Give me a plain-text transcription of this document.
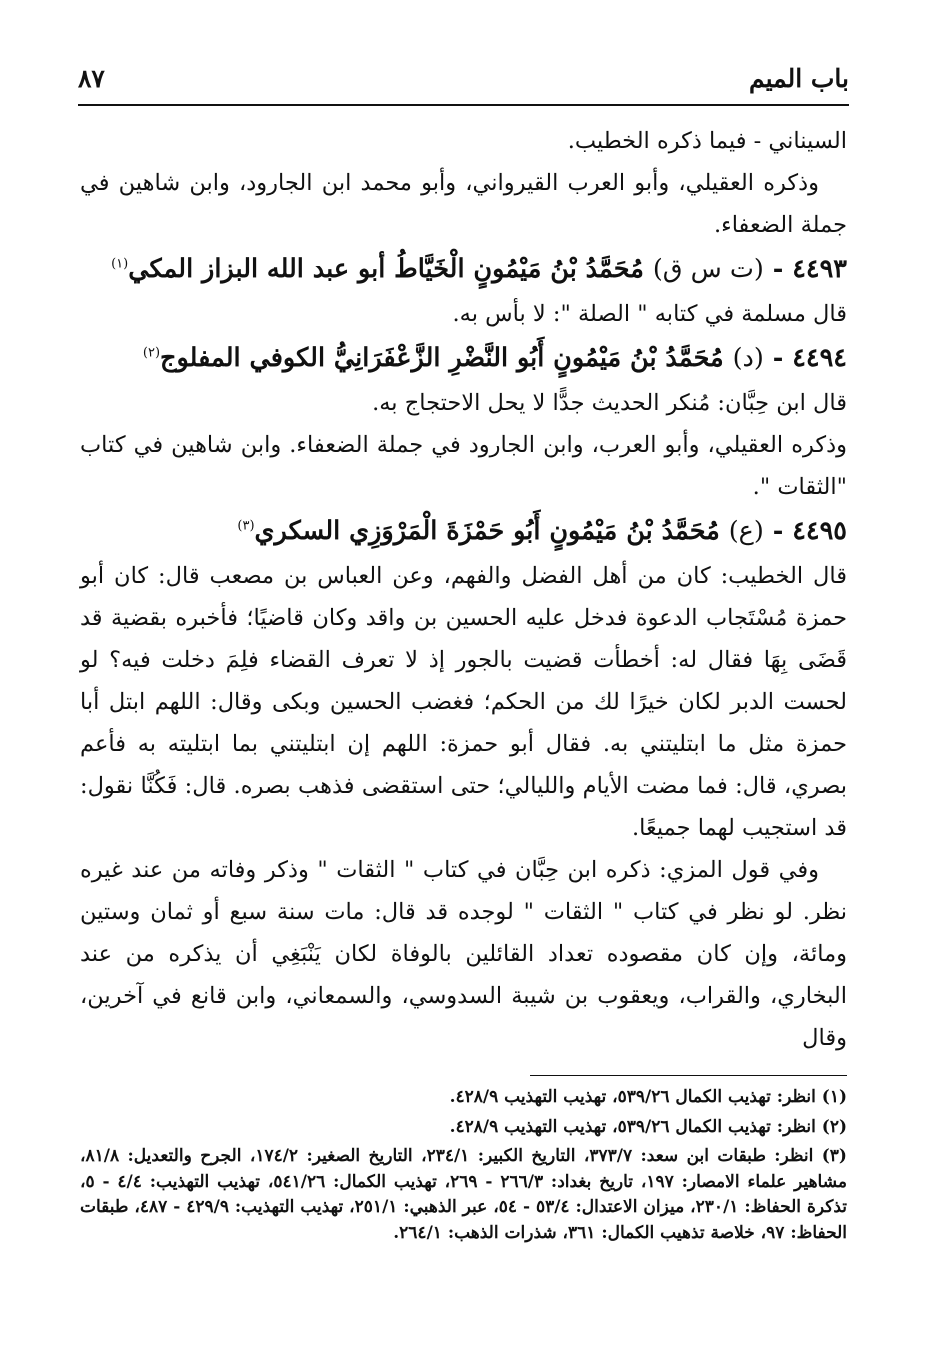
باب الميم
٨٧

السيناني - فيما ذكره الخطيب.

وذكره العقيلي، وأبو العرب القيرواني، وأبو محمد ابن الجارود، وابن شاهين في جملة الضعفاء.

٤٤٩٣ - (ت س ق) مُحَمَّدُ بْنُ مَيْمُونٍ الْخَيَّاطُ أبو عبد الله البزاز المكي$^{(١)}$

قال مسلمة في كتابه " الصلة ": لا بأس به.

٤٤٩٤ - (د) مُحَمَّدُ بْنُ مَيْمُونٍ أَبُو النَّضْرِ الزَّعْفَرَانِيُّ الكوفي المفلوج$^{(٢)}$

قال ابن حِبَّان: مُنكر الحديث جدًّا لا يحل الاحتجاج به.

وذكره العقيلي، وأبو العرب، وابن الجارود في جملة الضعفاء. وابن شاهين في كتاب "الثقات ".

٤٤٩٥ - (ع) مُحَمَّدُ بْنُ مَيْمُونٍ أَبُو حَمْزَةَ الْمَرْوَزِي السكري$^{(٣)}$

قال الخطيب: كان من أهل الفضل والفهم، وعن العباس بن مصعب قال: كان أبو حمزة مُسْتَجاب الدعوة فدخل عليه الحسين بن واقد وكان قاضيًا؛ فأخبره بقضية قد قَضَى بِهَا فقال له: أخطأت قضيت بالجور إذ لا تعرف القضاء فلِمَ دخلت فيه؟ لو لحست الدبر لكان خيرًا لك من الحكم؛ فغضب الحسين وبكى وقال: اللهم ابتل أبا حمزة مثل ما ابتليتني به. فقال أبو حمزة: اللهم إن ابتليتني بما ابتليته به فأعم بصري، قال: فما مضت الأيام والليالي؛ حتى استقضى فذهب بصره. قال: فَكُنَّا نقول: قد استجيب لهما جميعًا.

وفي قول المزي: ذكره ابن حِبَّان في كتاب " الثقات " وذكر وفاته من عند غيره نظر. لو نظر في كتاب " الثقات " لوجده قد قال: مات سنة سبع أو ثمان وستين ومائة، وإن كان مقصوده تعداد القائلين بالوفاة لكان يَنْبَغِي أن يذكره من عند البخاري، والقراب، ويعقوب بن شيبة السدوسي، والسمعاني، وابن قانع في آخرين، وقال

(١) انظر: تهذيب الكمال ٥٣٩/٢٦، تهذيب التهذيب ٤٢٨/٩.

(٢) انظر: تهذيب الكمال ٥٣٩/٢٦، تهذيب التهذيب ٤٢٨/٩.

(٣) انظر: طبقات ابن سعد: ٣٧٣/٧، التاريخ الكبير: ٢٣٤/١، التاريخ الصغير: ١٧٤/٢، الجرح والتعديل: ٨١/٨، مشاهير علماء الامصار: ١٩٧، تاريخ بغداد: ٢٦٦/٣ - ٢٦٩، تهذيب الكمال: ٥٤١/٢٦، تهذيب التهذيب: ٤/٤ - ٥، تذكرة الحفاظ: ٢٣٠/١، ميزان الاعتدال: ٥٣/٤ - ٥٤، عبر الذهبي: ٢٥١/١، تهذيب التهذيب: ٤٢٩/٩ - ٤٨٧، طبقات الحفاظ: ٩٧، خلاصة تذهيب الكمال: ٣٦١، شذرات الذهب: ٢٦٤/١.
